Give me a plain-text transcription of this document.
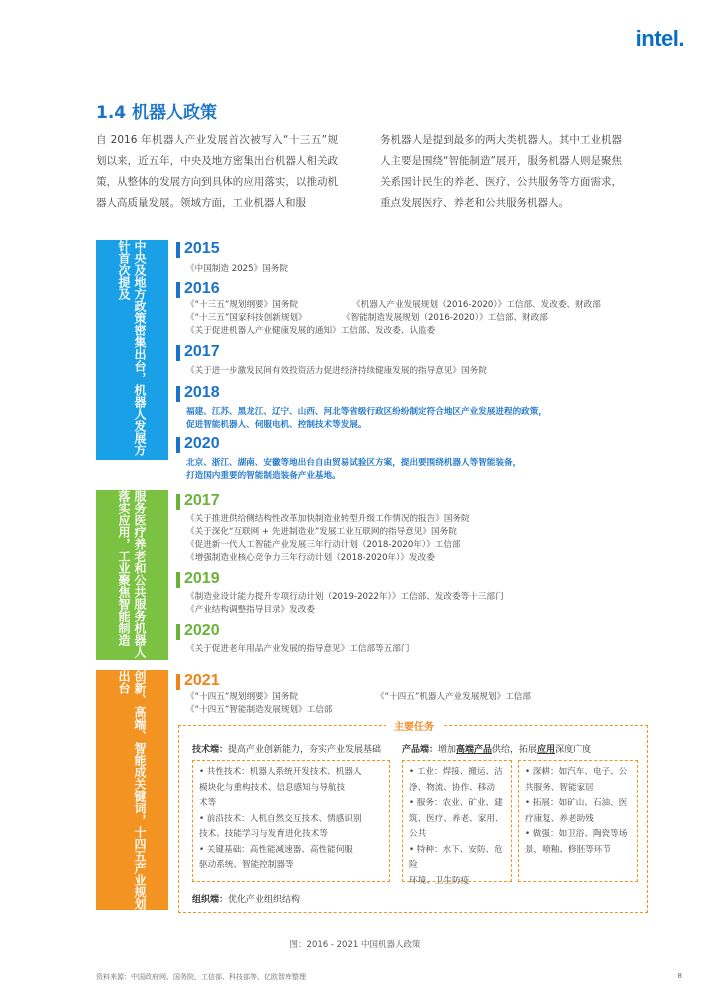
intel.
1.4 机器人政策
自 2016 年机器人产业发展首次被写入“十三五”规划以来，近五年，中央及地方密集出台机器人相关政策，从整体的发展方向到具体的应用落实，以推动机器人高质量发展。领域方面，工业机器人和服
务机器人是提到最多的两大类机器人。其中工业机器人主要是围绕“智能制造”展开，服务机器人则是聚焦关系国计民生的养老、医疗、公共服务等方面需求，重点发展医疗、养老和公共服务机器人。
中央及地方政策密集出台，机器人发展方针首次提及
服务医疗养老和公共服务机器人落实应用，工业聚焦智能制造
创新、高端、智能成关键词，十四五产业规划出台
2015
《中国制造 2025》国务院
2016
《“十三五”规划纲要》国务院	《机器人产业发展规划（2016-2020）》工信部、发改委、财政部
《“十三五”国家科技创新规划》	《智能制造发展规划（2016-2020）》工信部、财政部
《关于促进机器人产业健康发展的通知》工信部、发改委、认监委
2017
《关于进一步激发民间有效投资活力促进经济持续健康发展的指导意见》国务院
2018
福建、江苏、黑龙江、辽宁、山西、河北等省级行政区纷纷制定符合地区产业发展进程的政策，
促进智能机器人、伺服电机、控制技术等发展。
2020
北京、浙江、湖南、安徽等地出台自由贸易试验区方案，提出要围绕机器人等智能装备，
打造国内重要的智能制造装备产业基地。
2017
《关于推进供给侧结构性改革加快制造业转型升级工作情况的报告》国务院
《关于深化“互联网 + 先进制造业”发展工业互联网的指导意见》国务院
《促进新一代人工智能产业发展三年行动计划（2018-2020年）》工信部
《增强制造业核心竞争力三年行动计划（2018-2020年）》发改委
2019
《制造业设计能力提升专项行动计划（2019-2022年）》工信部、发改委等十三部门
《产业结构调整指导目录》发改委
2020
《关于促进老年用品产业发展的指导意见》工信部等五部门
2021
《“十四五”规划纲要》国务院	《“十四五”机器人产业发展规划》工信部
《“十四五”智能制造发展规划》工信部
主要任务
技术端：提高产业创新能力，夯实产业发展基础 产品端：增加高端产品供给，拓展应用深度广度
• 共性技术：机器人系统开发技术、机器人
模块化与重构技术、信息感知与导航技
术等
• 前沿技术：人机自然交互技术、情感识别
技术、技能学习与发育进化技术等
• 关键基础：高性能减速器、高性能伺服
驱动系统、智能控制器等
• 工业：焊接、搬运、洁
净、物流、协作、移动
• 服务：农业、矿业、建
筑、医疗、养老、家用、
公共
• 特种：水下、安防、危险
环境、卫生防疫
• 深耕：如汽车、电子、公
共服务、智能家居
• 拓展：如矿山、石油、医
疗康复、养老助残
• 做强：如卫浴、陶瓷等场
景，喷釉、修胚等环节
组织端：优化产业组织结构
图：2016 - 2021 中国机器人政策
资料来源：中国政府网、国务院、工信部、科技部等、亿欧智库整理	8
